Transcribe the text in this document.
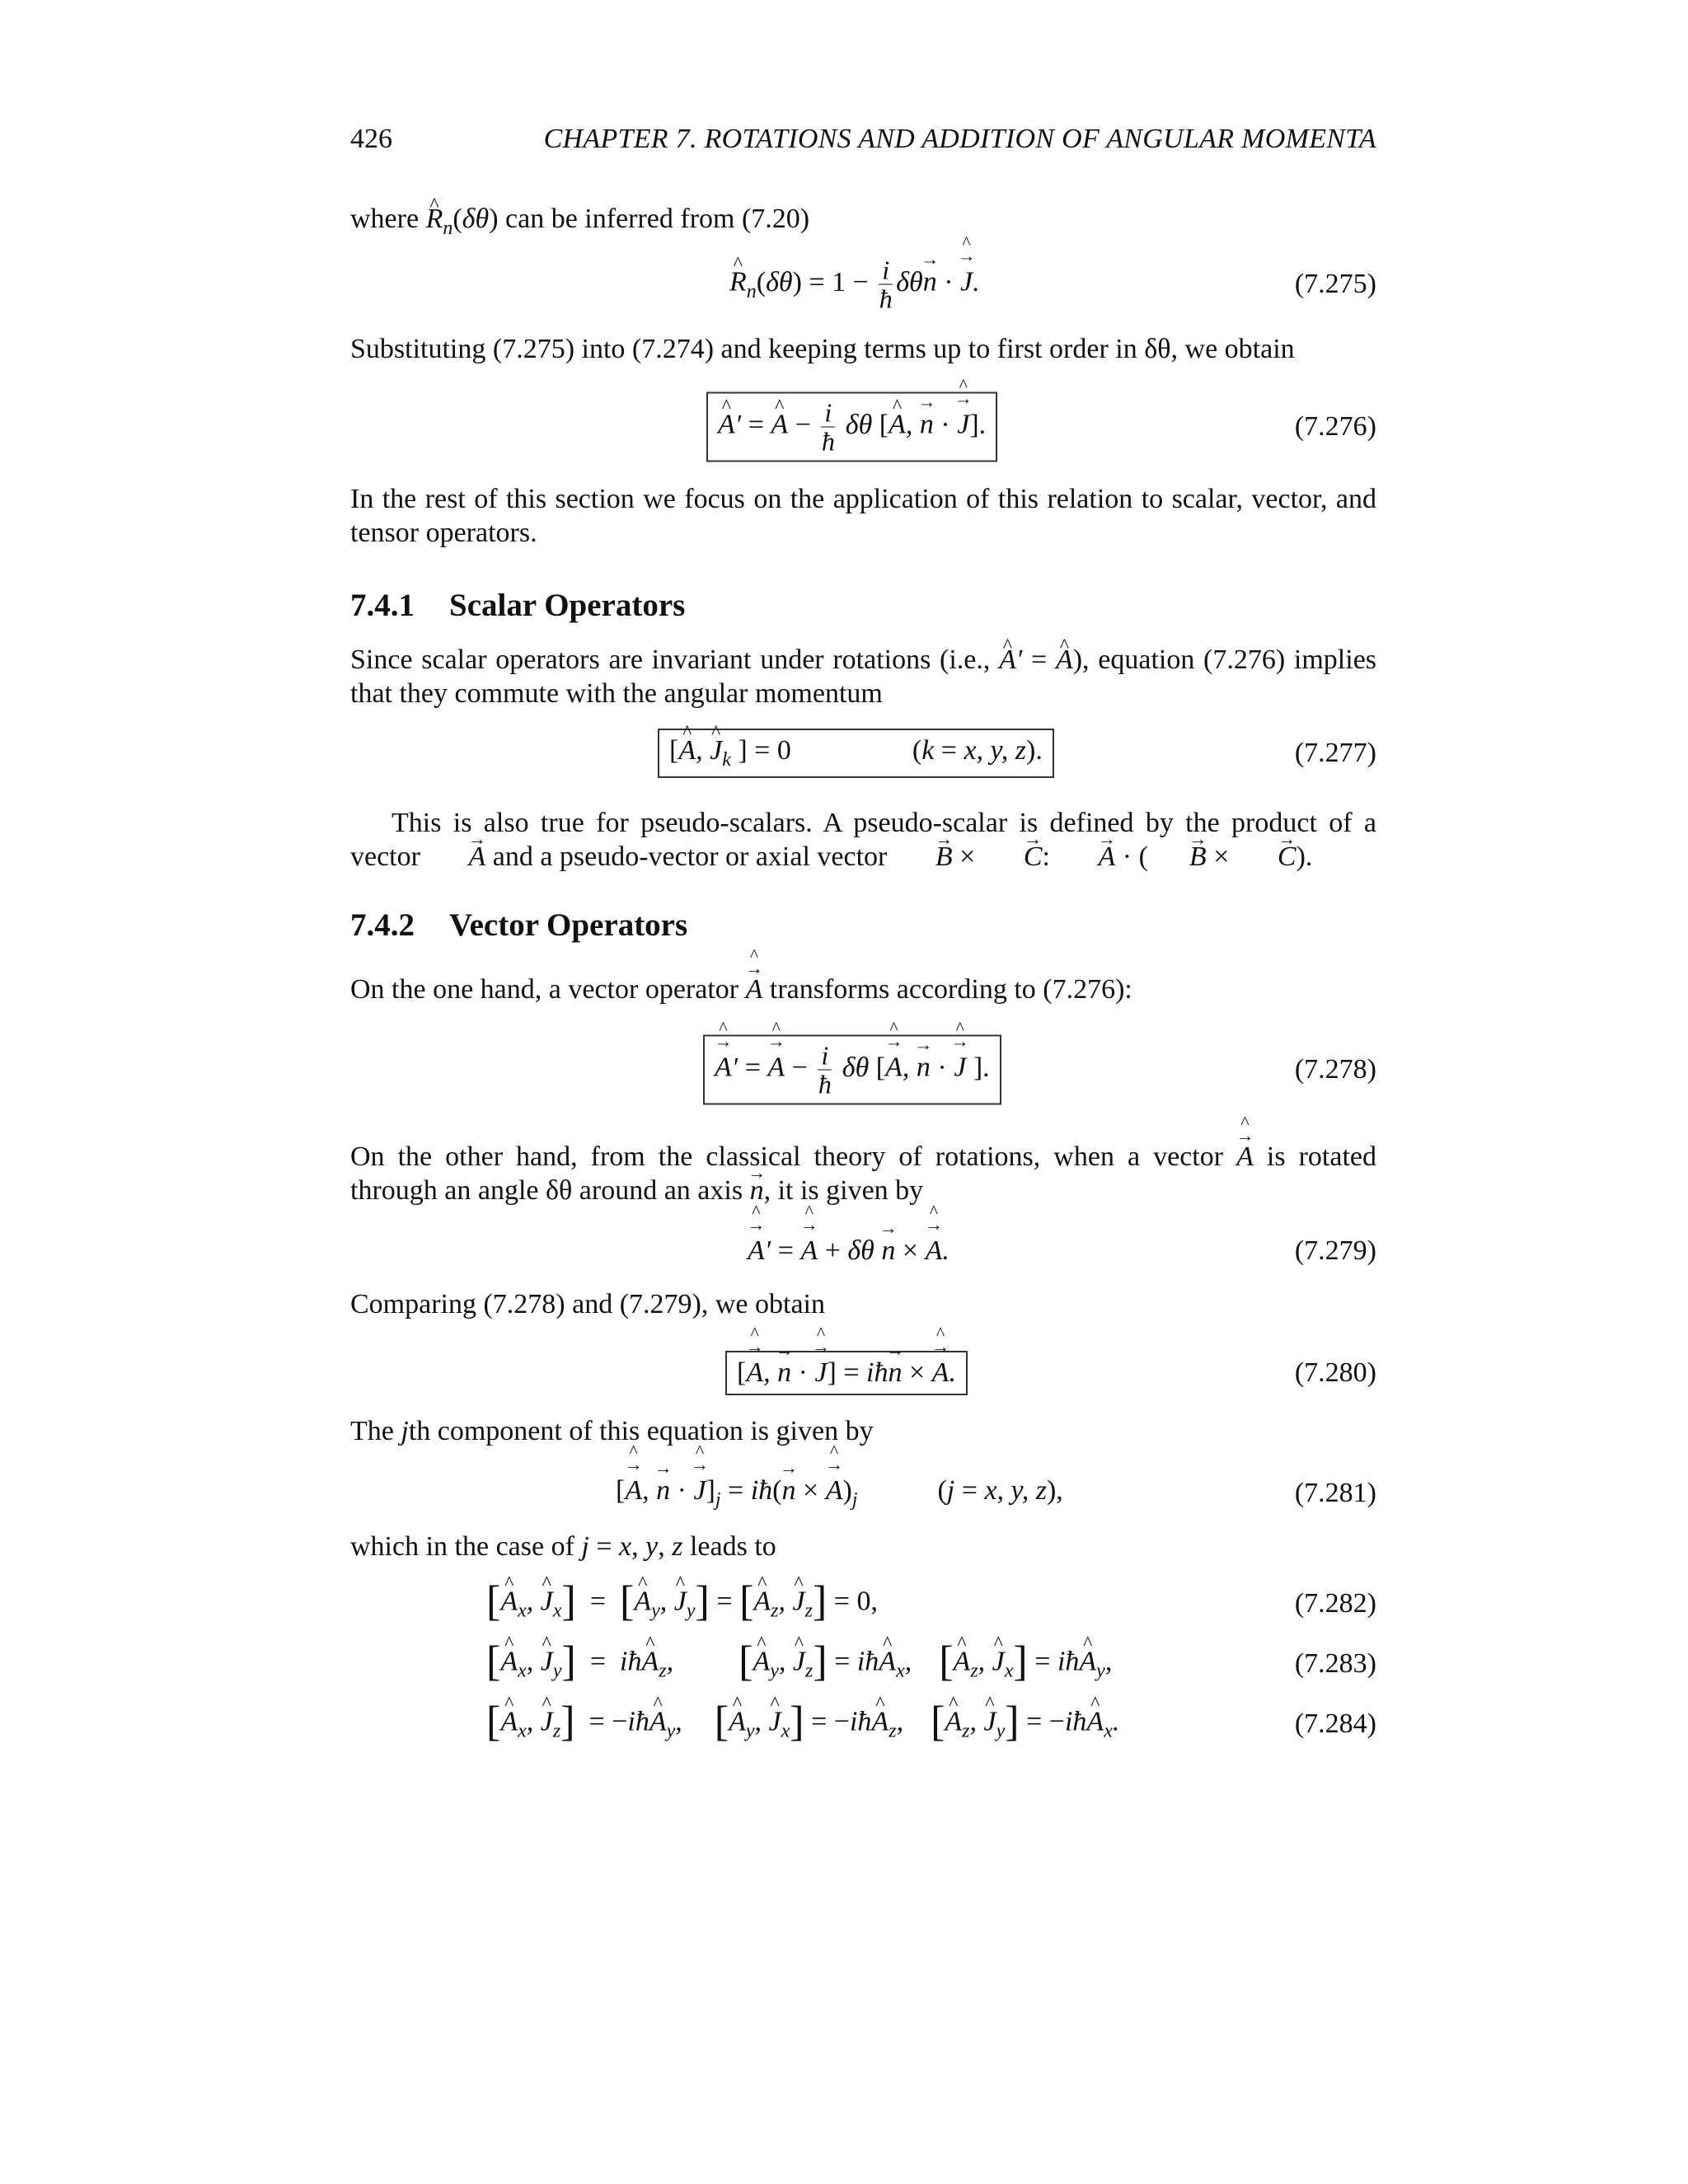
426	CHAPTER 7. ROTATIONS AND ADDITION OF ANGULAR MOMENTA
where R $\^{}_n(\delta\theta)$ can be inferred from (7.20)
R $\^{}_n(\delta\theta) = 1 - \frac{i}{ħ}$ δθn → · ^ J →.	(7.275)
Substituting (7.275) into (7.274) and keeping terms up to first order in δθ, we obtain
A ^′ = A ^ − $\frac{i}{ħ}$ δθ [A ^, n → · ^ J →].	(7.276)
In the rest of this section we focus on the application of this relation to scalar, vector, and tensor operators.
7.4.1 Scalar Operators
Since scalar operators are invariant under rotations (i.e., A ^′ = A ^), equation (7.276) implies that they commute with the angular momentum
[A ^, J $\^{}_k$ ] = 0	(k = x, y, z).	(7.277)
This is also true for pseudo-scalars. A pseudo-scalar is defined by the product of a vector A → and a pseudo-vector or axial vector B → × C →: A → · ( B → × C →).
7.4.2 Vector Operators
On the one hand, a vector operator ^ A → transforms according to (7.276):
^ A →′ = ^ A → − $\frac{i}{ħ}$ δθ [^ A →, n → · ^ J → ].	(7.278)
On the other hand, from the classical theory of rotations, when a vector ^ A → is rotated through an angle δθ around an axis n →, it is given by
^ A →′ = ^ A → + δθ n → × ^ A →.	(7.279)
Comparing (7.278) and (7.279), we obtain
[^ A →, n → · ^ J →] = iħn → × ^ A →.	(7.280)
The jth component of this equation is given by
[^ A →, n → · ^ $J \to]_j$ = iħ(n → × ^ $A \to)_j$	(j = x, y, z),	(7.281)
which in the case of j = x, y, z leads to
[A $\^{}_x$, J $\^{}_x] = [A$ $\^{}_y$, J $\^{}_y] = [A$ $\^{}_z$, J $\^{}_z] = 0$,	(7.282)
[A $\^{}_x$, J $\^{}_y$]  =  iħA $\^{}_z$,  [A $\^{}_y$, J $\^{}_z$] = iħA $\^{}_x$,  [A $\^{}_z$, J $\^{}_x$] = iħA $\^{}_y$,	(7.283)
[A $\^{}_x$, J $\^{}_z$]  = −iħA $\^{}_y$,  [A $\^{}_y$, J $\^{}_x$] = −iħA $\^{}_z$,  [A $\^{}_z$, J $\^{}_y$] = −iħA $\^{}_x$.	(7.284)
